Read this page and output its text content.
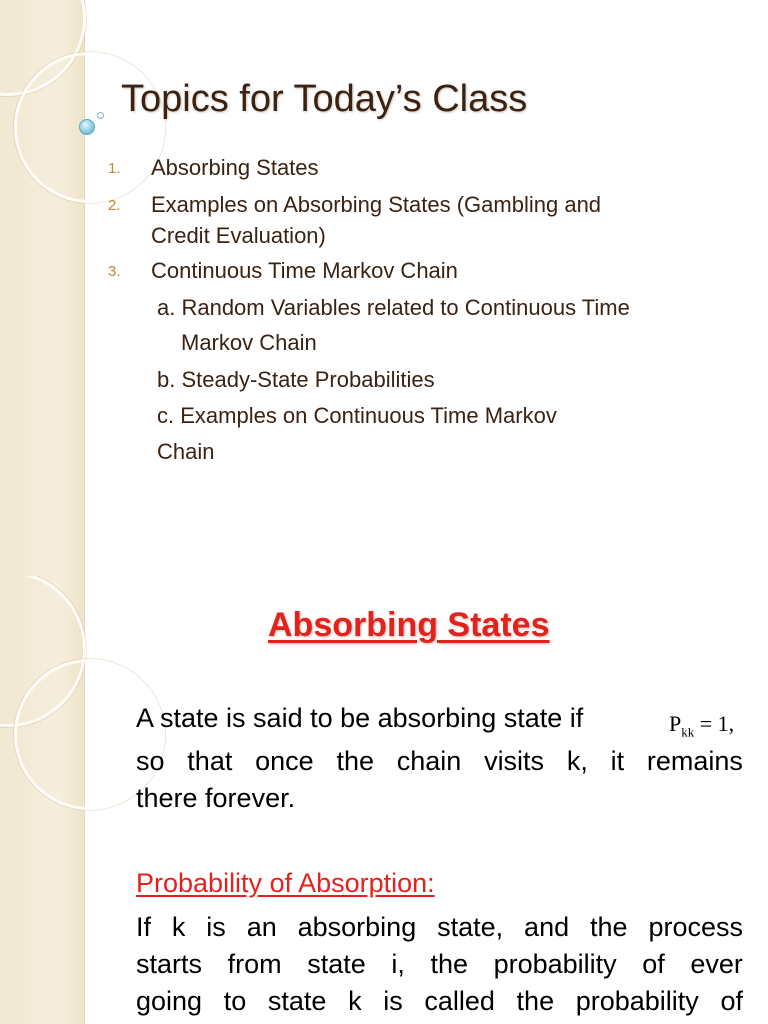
Topics for Today’s Class
1. Absorbing States
2. Examples on Absorbing States (Gambling and
Credit Evaluation)
3. Continuous Time Markov Chain
a. Random Variables related to Continuous Time
Markov Chain
b. Steady-State Probabilities
c. Examples on Continuous Time Markov
Chain
Absorbing States
A state is said to be absorbing state if	$P_{kk} = 1$,
so that once the chain visits k, it remains
there forever.
Probability of Absorption:
If k is an absorbing state, and the process
starts from state i, the probability of ever
going to state k is called the probability of
